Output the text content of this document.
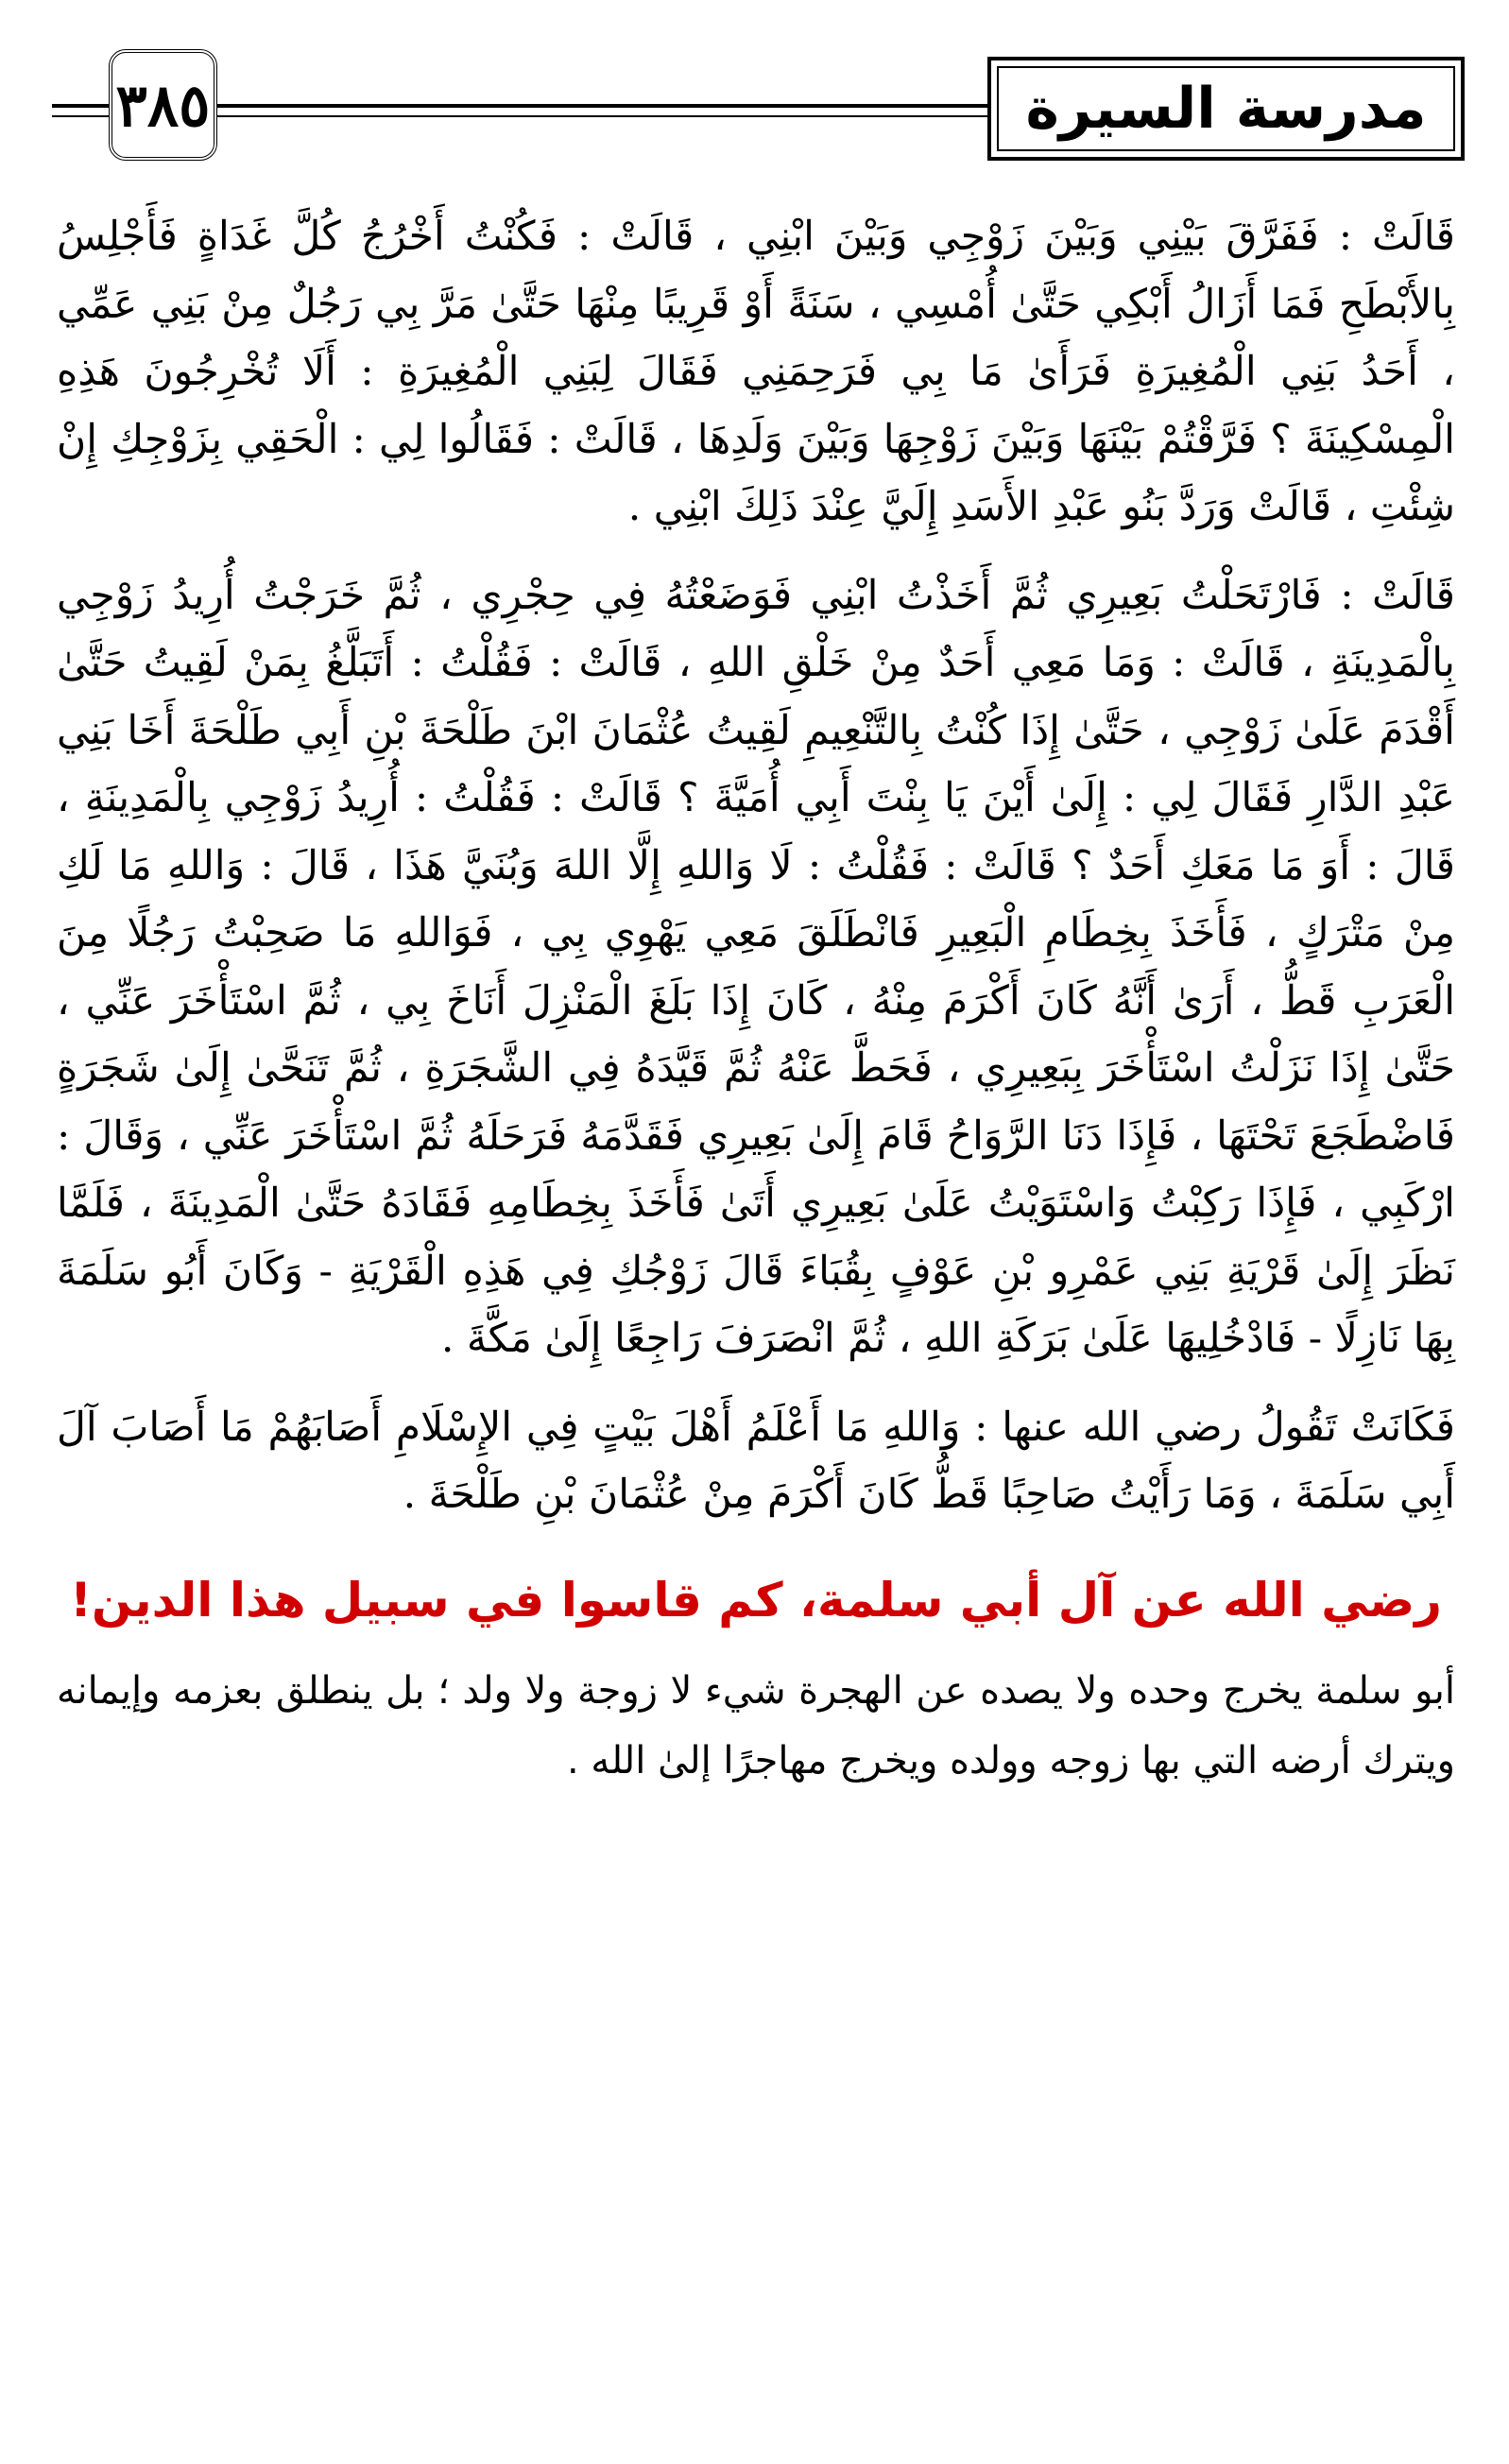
٣٨٥	مدرسة السيرة

قَالَتْ : فَفَرَّقَ بَيْنِي وَبَيْنَ زَوْجِي وَبَيْنَ ابْنِي ، قَالَتْ : فَكُنْتُ أَخْرُجُ كُلَّ غَدَاةٍ فَأَجْلِسُ بِالأَبْطَحِ فَمَا أَزَالُ أَبْكِي حَتَّىٰ أُمْسِي ، سَنَةً أَوْ قَرِيبًا مِنْهَا حَتَّىٰ مَرَّ بِي رَجُلٌ مِنْ بَنِي عَمِّي ، أَحَدُ بَنِي الْمُغِيرَةِ فَرَأَىٰ مَا بِي فَرَحِمَنِي فَقَالَ لِبَنِي الْمُغِيرَةِ : أَلَا تُخْرِجُونَ هَذِهِ الْمِسْكِينَةَ ؟ فَرَّقْتُمْ بَيْنَهَا وَبَيْنَ زَوْجِهَا وَبَيْنَ وَلَدِهَا ، قَالَتْ : فَقَالُوا لِي : الْحَقِي بِزَوْجِكِ إِنْ شِئْتِ ، قَالَتْ وَرَدَّ بَنُو عَبْدِ الأَسَدِ إِلَيَّ عِنْدَ ذَلِكَ ابْنِي .

قَالَتْ : فَارْتَحَلْتُ بَعِيرِي ثُمَّ أَخَذْتُ ابْنِي فَوَضَعْتُهُ فِي حِجْرِي ، ثُمَّ خَرَجْتُ أُرِيدُ زَوْجِي بِالْمَدِينَةِ ، قَالَتْ : وَمَا مَعِي أَحَدٌ مِنْ خَلْقِ اللهِ ، قَالَتْ : فَقُلْتُ : أَتَبَلَّغُ بِمَنْ لَقِيتُ حَتَّىٰ أَقْدَمَ عَلَىٰ زَوْجِي ، حَتَّىٰ إِذَا كُنْتُ بِالتَّنْعِيمِ لَقِيتُ عُثْمَانَ ابْنَ طَلْحَةَ بْنِ أَبِي طَلْحَةَ أَخَا بَنِي عَبْدِ الدَّارِ فَقَالَ لِي : إِلَىٰ أَيْنَ يَا بِنْتَ أَبِي أُمَيَّةَ ؟ قَالَتْ : فَقُلْتُ : أُرِيدُ زَوْجِي بِالْمَدِينَةِ ، قَالَ : أَوَ مَا مَعَكِ أَحَدٌ ؟ قَالَتْ : فَقُلْتُ : لَا وَاللهِ إِلَّا اللهَ وَبُنَيَّ هَذَا ، قَالَ : وَاللهِ مَا لَكِ مِنْ مَتْرَكٍ ، فَأَخَذَ بِخِطَامِ الْبَعِيرِ فَانْطَلَقَ مَعِي يَهْوِي بِي ، فَوَاللهِ مَا صَحِبْتُ رَجُلًا مِنَ الْعَرَبِ قَطُّ ، أَرَىٰ أَنَّهُ كَانَ أَكْرَمَ مِنْهُ ، كَانَ إِذَا بَلَغَ الْمَنْزِلَ أَنَاخَ بِي ، ثُمَّ اسْتَأْخَرَ عَنِّي ، حَتَّىٰ إِذَا نَزَلْتُ اسْتَأْخَرَ بِبَعِيرِي ، فَحَطَّ عَنْهُ ثُمَّ قَيَّدَهُ فِي الشَّجَرَةِ ، ثُمَّ تَنَحَّىٰ إِلَىٰ شَجَرَةٍ فَاضْطَجَعَ تَحْتَهَا ، فَإِذَا دَنَا الرَّوَاحُ قَامَ إِلَىٰ بَعِيرِي فَقَدَّمَهُ فَرَحَلَهُ ثُمَّ اسْتَأْخَرَ عَنِّي ، وَقَالَ : ارْكَبِي ، فَإِذَا رَكِبْتُ وَاسْتَوَيْتُ عَلَىٰ بَعِيرِي أَتَىٰ فَأَخَذَ بِخِطَامِهِ فَقَادَهُ حَتَّىٰ الْمَدِينَةَ ، فَلَمَّا نَظَرَ إِلَىٰ قَرْيَةِ بَنِي عَمْرِو بْنِ عَوْفٍ بِقُبَاءَ قَالَ زَوْجُكِ فِي هَذِهِ الْقَرْيَةِ - وَكَانَ أَبُو سَلَمَةَ بِهَا نَازِلًا - فَادْخُلِيهَا عَلَىٰ بَرَكَةِ اللهِ ، ثُمَّ انْصَرَفَ رَاجِعًا إِلَىٰ مَكَّةَ .

فَكَانَتْ تَقُولُ رضي الله عنها : وَاللهِ مَا أَعْلَمُ أَهْلَ بَيْتٍ فِي الإِسْلَامِ أَصَابَهُمْ مَا أَصَابَ آلَ أَبِي سَلَمَةَ ، وَمَا رَأَيْتُ صَاحِبًا قَطُّ كَانَ أَكْرَمَ مِنْ عُثْمَانَ بْنِ طَلْحَةَ .

رضي الله عن آل أبي سلمة، كم قاسوا في سبيل هذا الدين!

أبو سلمة يخرج وحده ولا يصده عن الهجرة شيء لا زوجة ولا ولد ؛ بل ينطلق بعزمه وإيمانه ويترك أرضه التي بها زوجه وولده ويخرج مهاجرًا إلىٰ الله .
